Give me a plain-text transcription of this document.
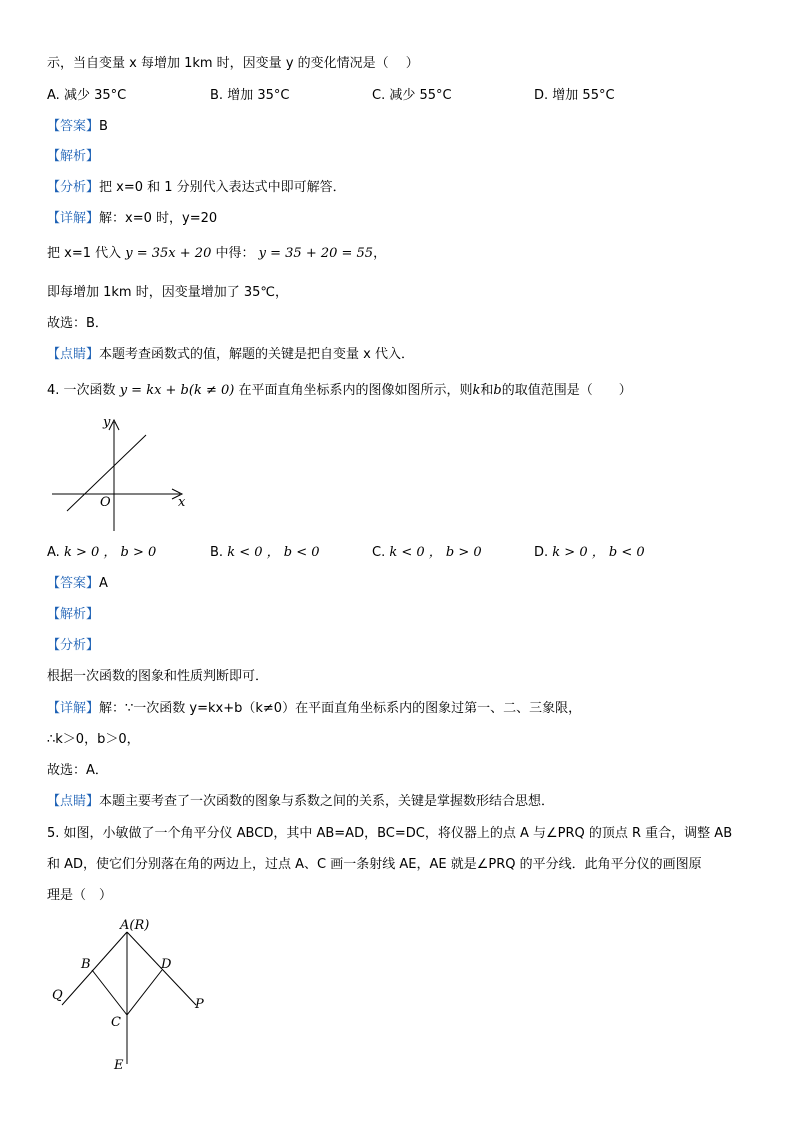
示，当自变量 x 每增加 1km 时，因变量 y 的变化情况是（　 ）
A. 减少 35°C	B. 增加 35°C	C. 减少 55°C	D. 增加 55°C
【答案】B
【解析】
【分析】把 x=0 和 1 分别代入表达式中即可解答．
【详解】解：x=0 时，y=20
把 x=1 代入 y = 35x + 20 中得： y = 35 + 20 = 55，
即每增加 1km 时，因变量增加了 35℃，
故选：B．
【点睛】本题考查函数式的值，解题的关键是把自变量 x 代入．
4. 一次函数 y = kx + b(k ≠ 0) 在平面直角坐标系内的图像如图所示，则k和b的取值范围是（　　）
y
x
O
A. k > 0 ， b > 0	B. k < 0 ， b < 0	C. k < 0 ， b > 0	D. k > 0 ， b < 0
【答案】A
【解析】
【分析】
根据一次函数的图象和性质判断即可．
【详解】解：∵一次函数 y=kx+b（k≠0）在平面直角坐标系内的图象过第一、二、三象限，
∴k＞0，b＞0，
故选：A．
【点睛】本题主要考查了一次函数的图象与系数之间的关系，关键是掌握数形结合思想．
5. 如图，小敏做了一个角平分仪 ABCD，其中 AB=AD，BC=DC，将仪器上的点 A 与∠PRQ 的顶点 R 重合，调整 AB
和 AD，使它们分别落在角的两边上，过点 A、C 画一条射线 AE，AE 就是∠PRQ 的平分线．此角平分仪的画图原
理是（　）
A(R)
B	D
Q
P
C
E
